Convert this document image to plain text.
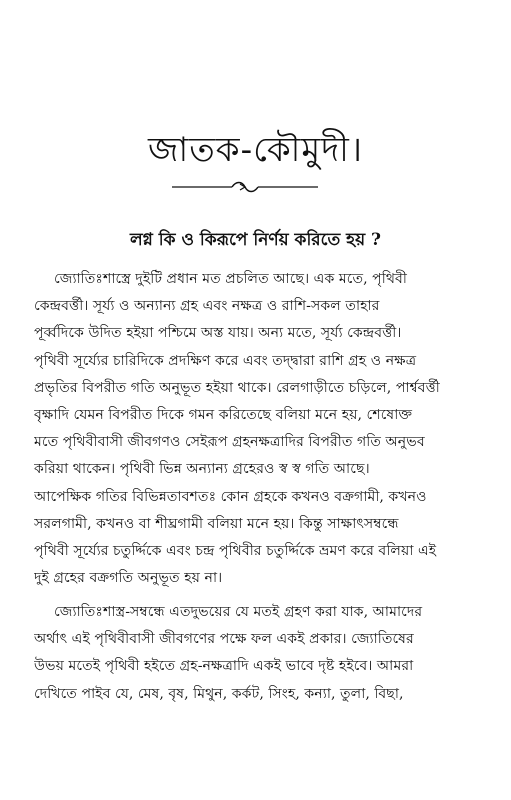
জাতক-কৌমুদী।
লগ্ন কি ও কিরূপে নির্ণয় করিতে হয় ?
জ্যোতিঃশাস্ত্রে দুইটি প্রধান মত প্রচলিত আছে। এক মতে, পৃথিবী
কেন্দ্রবর্ত্তী। সূর্য্য ও অন্যান্য গ্রহ এবং নক্ষত্র ও রাশি-সকল তাহার
পূর্ব্বদিকে উদিত হইয়া পশ্চিমে অস্ত যায়। অন্য মতে, সূর্য্য কেন্দ্রবর্ত্তী।
পৃথিবী সূর্য্যের চারিদিকে প্রদক্ষিণ করে এবং তদ্দ্বারা রাশি গ্রহ ও নক্ষত্র
প্রভৃতির বিপরীত গতি অনুভূত হইয়া থাকে। রেলগাড়ীতে চড়িলে, পার্শ্ববর্ত্তী
বৃক্ষাদি যেমন বিপরীত দিকে গমন করিতেছে বলিয়া মনে হয়, শেষোক্ত
মতে পৃথিবীবাসী জীবগণও সেইরূপ গ্রহনক্ষত্রাদির বিপরীত গতি অনুভব
করিয়া থাকেন। পৃথিবী ভিন্ন অন্যান্য গ্রহেরও স্ব স্ব গতি আছে।
আপেক্ষিক গতির বিভিন্নতাবশতঃ কোন গ্রহকে কখনও বক্রগামী, কখনও
সরলগামী, কখনও বা শীঘ্রগামী বলিয়া মনে হয়। কিন্তু সাক্ষাৎসম্বন্ধে
পৃথিবী সূর্য্যের চতুর্দ্দিকে এবং চন্দ্র পৃথিবীর চতুর্দ্দিকে ভ্রমণ করে বলিয়া এই
দুই গ্রহের বক্রগতি অনুভূত হয় না।
জ্যোতিঃশাস্ত্র-সম্বন্ধে এতদুভয়ের যে মতই গ্রহণ করা যাক, আমাদের
অর্থাৎ এই পৃথিবীবাসী জীবগণের পক্ষে ফল একই প্রকার। জ্যোতিষের
উভয় মতেই পৃথিবী হইতে গ্রহ-নক্ষত্রাদি একই ভাবে দৃষ্ট হইবে। আমরা
দেখিতে পাইব যে, মেষ, বৃষ, মিথুন, কর্কট, সিংহ, কন্যা, তুলা, বিছা,
